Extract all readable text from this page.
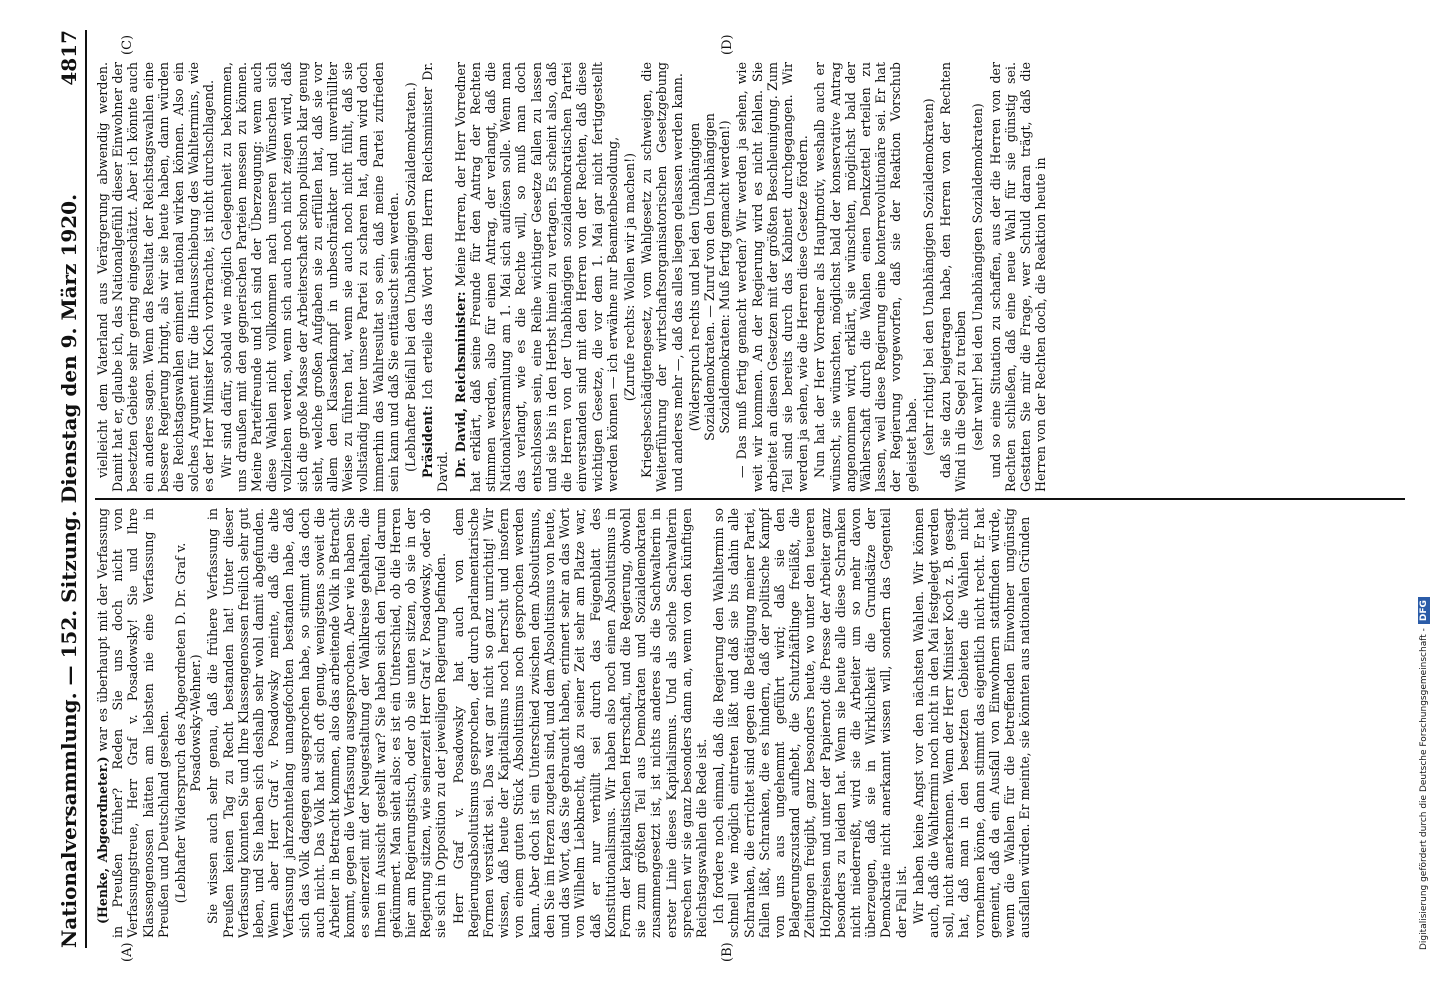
Nationalversammlung. — 152. Sitzung. Dienstag den 9. März 1920.
4817
(A)	(B)
(C)	(D)

(Henke, Abgeordneter.) war es überhaupt mit der Verfassung in Preußen früher? Reden Sie uns doch nicht von Verfassungstreue, Herr Graf v. Posadowsky! Sie und Ihre Klassengenossen hätten am liebsten nie eine Verfassung in Preußen und Deutschland gesehen. (Lebhafter Widerspruch des Abgeordneten D. Dr. Graf v. Posadowsky-Wehner.) Sie wissen auch sehr genau, daß die frühere Verfassung in Preußen keinen Tag zu Recht bestanden hat! Unter dieser Verfassung konnten Sie und Ihre Klassengenossen freilich sehr gut leben, und Sie haben sich deshalb sehr wohl damit abgefunden. Wenn aber Herr Graf v. Posadowsky meinte, daß die alte Verfassung jahrzehntelang unangefochten bestanden habe, daß sich das Volk dagegen ausgesprochen habe, so stimmt das doch auch nicht. Das Volk hat sich oft genug, wenigstens soweit die Arbeiter in Betracht kommen, also das arbeitende Volk in Betracht kommt, gegen die Verfassung ausgesprochen. Aber wie haben Sie es seinerzeit mit der Neugestaltung der Wahlkreise gehalten, die Ihnen in Aussicht gestellt war? Sie haben sich den Teufel darum gekümmert. Man sieht also: es ist ein Unterschied, ob die Herren hier am Regierungstisch, oder ob sie unten sitzen, ob sie in der Regierung sitzen, wie seinerzeit Herr Graf v. Posadowsky, oder ob sie sich in Opposition zu der jeweiligen Regierung befinden. Herr Graf v. Posadowsky hat auch von dem Regierungsabsolutismus gesprochen, der durch parlamentarische Formen verstärkt sei. Das war gar nicht so ganz unrichtig! Wir wissen, daß heute der Kapitalismus noch herrscht und insofern von einem guten Stück Absolutismus noch gesprochen werden kann. Aber doch ist ein Unterschied zwischen dem Absolutismus, den Sie im Herzen zugetan sind, und dem Absolutismus von heute, und das Wort, das Sie gebraucht haben, erinnert sehr an das Wort von Wilhelm Liebknecht, daß zu seiner Zeit sehr am Platze war, daß er nur verhüllt sei durch das Feigenblatt des Konstitutionalismus. Wir haben also noch einen Absolutismus in Form der kapitalistischen Herrschaft, und die Regierung, obwohl sie zum größten Teil aus Demokraten und Sozialdemokraten zusammengesetzt ist, ist nichts anderes als die Sachwalterin in erster Linie dieses Kapitalismus. Und als solche Sachwalterin sprechen wir sie ganz besonders dann an, wenn von den künftigen Reichstagswahlen die Rede ist. Ich fordere noch einmal, daß die Regierung den Wahltermin so schnell wie möglich eintreten läßt und daß sie bis dahin alle Schranken, die errichtet sind gegen die Betätigung meiner Partei, fallen läßt, Schranken, die es hindern, daß der politische Kampf von uns aus ungehemmt geführt wird; daß sie den Belagerungszustand aufhebt, die Schutzhäftlinge freiläßt, die Zeitungen freigibt, ganz besonders heute, wo unter den teueren Holzpreisen und unter der Papiernot die Presse der Arbeiter ganz besonders zu leiden hat. Wenn sie heute alle diese Schranken nicht niederreißt, wird sie die Arbeiter um so mehr davon überzeugen, daß sie in Wirklichkeit die Grundsätze der Demokratie nicht anerkannt wissen will, sondern das Gegenteil der Fall ist. Wir haben keine Angst vor den nächsten Wahlen. Wir können auch, daß die Wahltermin noch nicht in den Mai festgelegt werden soll, nicht anerkennen. Wenn der Herr Minister Koch z. B. gesagt hat, daß man in den besetzten Gebieten die Wahlen nicht vornehmen könne, dann stimmt das eigentlich nicht recht. Er hat gemeint, daß da ein Ausfall von Einwohnern stattfinden würde, wenn die Wahlen für die betreffenden Einwohner ungünstig ausfallen würden. Er meinte, sie könnten aus nationalen Gründen

vielleicht dem Vaterland aus Verärgerung abwendig werden. Damit hat er, glaube ich, das Nationalgefühl dieser Einwohner der besetzten Gebiete sehr gering eingeschätzt. Aber ich könnte auch ein anderes sagen. Wenn das Resultat der Reichstagswahlen eine bessere Regierung bringt, als wir sie heute haben, dann würden die Reichstagswahlen eminent national wirken können. Also ein solches Argument für die Hinausschiebung des Wahltermins, wie es der Herr Minister Koch vorbrachte, ist nicht durchschlagend. Wir sind dafür, sobald wie möglich Gelegenheit zu bekommen, uns draußen mit den gegnerischen Parteien messen zu können. Meine Parteifreunde und ich sind der Überzeugung: wenn auch diese Wahlen nicht vollkommen nach unseren Wünschen sich vollziehen werden, wenn sich auch noch nicht zeigen wird, daß sich die große Masse der Arbeiterschaft schon politisch klar genug sieht, welche großen Aufgaben sie zu erfüllen hat, daß sie vor allem den Klassenkampf in unbeschränkter und unverhüllter Weise zu führen hat, wenn sie auch noch nicht fühlt, daß sie vollständig hinter unsere Partei zu scharen hat, dann wird doch immerhin das Wahlresultat so sein, daß meine Partei zufrieden sein kann und daß Sie enttäuscht sein werden. (Lebhafter Beifall bei den Unabhängigen Sozialdemokraten.) Präsident: Ich erteile das Wort dem Herrn Reichsminister Dr. David. Dr. David, Reichsminister: Meine Herren, der Herr Vorredner hat erklärt, daß seine Freunde für den Antrag der Rechten stimmen werden, also für einen Antrag, der verlangt, daß die Nationalversammlung am 1. Mai sich auflösen solle. Wenn man das verlangt, wie es die Rechte will, so muß man doch entschlossen sein, eine Reihe wichtiger Gesetze fallen zu lassen und sie bis in den Herbst hinein zu vertagen. Es scheint also, daß die Herren von der Unabhängigen sozialdemokratischen Partei einverstanden sind mit den Herren von der Rechten, daß diese wichtigen Gesetze, die vor dem 1. Mai gar nicht fertiggestellt werden können — ich erwähne nur Beamtenbesoldung, (Zurufe rechts: Wollen wir ja machen!) Kriegsbeschädigtengesetz, vom Wahlgesetz zu schweigen, die Weiterführung der wirtschaftsorganisatorischen Gesetzgebung und anderes mehr —, daß das alles liegen gelassen werden kann. (Widerspruch rechts und bei den Unabhängigen Sozialdemokraten. — Zuruf von den Unabhängigen Sozialdemokraten: Muß fertig gemacht werden!) — Das muß fertig gemacht werden? Wir werden ja sehen, wie weit wir kommen. An der Regierung wird es nicht fehlen. Sie arbeitet an diesen Gesetzen mit der größten Beschleunigung. Zum Teil sind sie bereits durch das Kabinett durchgegangen. Wir werden ja sehen, wie die Herren diese Gesetze fördern. Nun hat der Herr Vorredner als Hauptmotiv, weshalb auch er wünscht, sie wünschten, möglichst bald der konservative Antrag angenommen wird, erklärt, sie wünschten, möglichst bald der Wählerschaft durch die Wahlen einen Denkzettel erteilen zu lassen, weil diese Regierung eine konterrevolutionäre sei. Er hat der Regierung vorgeworfen, daß sie der Reaktion Vorschub geleistet habe. (sehr richtig! bei den Unabhängigen Sozialdemokraten) daß sie dazu beigetragen habe, den Herren von der Rechten Wind in die Segel zu treiben (sehr wahr! bei den Unabhängigen Sozialdemokraten) und so eine Situation zu schaffen, aus der die Herren von der Rechten schließen, daß eine neue Wahl für sie günstig sei. Gestatten Sie mir die Frage, wer Schuld daran trägt, daß die Herren von der Rechten doch, die Reaktion heute in

Digitalisierung gefördert durch die Deutsche Forschungsgemeinschaft -DFG
